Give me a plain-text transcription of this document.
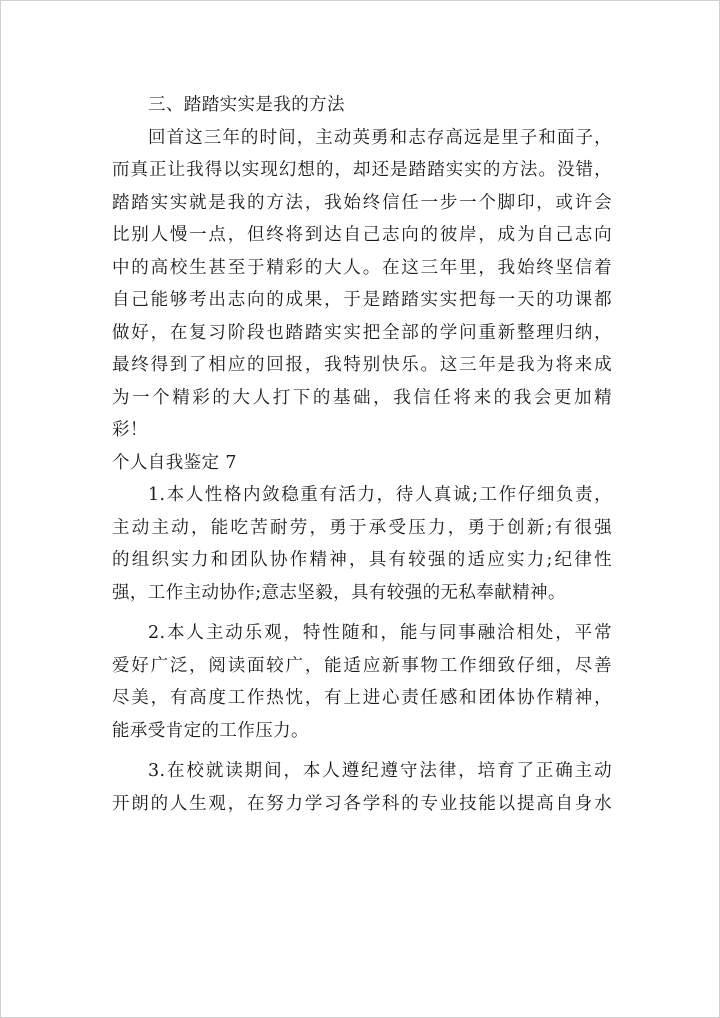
三、踏踏实实是我的方法
回首这三年的时间，主动英勇和志存高远是里子和面子，
而真正让我得以实现幻想的，却还是踏踏实实的方法。没错，
踏踏实实就是我的方法，我始终信任一步一个脚印，或许会
比别人慢一点，但终将到达自己志向的彼岸，成为自己志向
中的高校生甚至于精彩的大人。在这三年里，我始终坚信着
自己能够考出志向的成果，于是踏踏实实把每一天的功课都
做好，在复习阶段也踏踏实实把全部的学问重新整理归纳，
最终得到了相应的回报，我特别快乐。这三年是我为将来成
为一个精彩的大人打下的基础，我信任将来的我会更加精
彩！
个人自我鉴定 7
1.本人性格内敛稳重有活力，待人真诚;工作仔细负责，
主动主动，能吃苦耐劳，勇于承受压力，勇于创新;有很强
的组织实力和团队协作精神，具有较强的适应实力;纪律性
强，工作主动协作;意志坚毅，具有较强的无私奉献精神。
2.本人主动乐观，特性随和，能与同事融洽相处，平常
爱好广泛，阅读面较广，能适应新事物工作细致仔细，尽善
尽美，有高度工作热忱，有上进心责任感和团体协作精神，
能承受肯定的工作压力。
3.在校就读期间，本人遵纪遵守法律，培育了正确主动
开朗的人生观，在努力学习各学科的专业技能以提高自身水
